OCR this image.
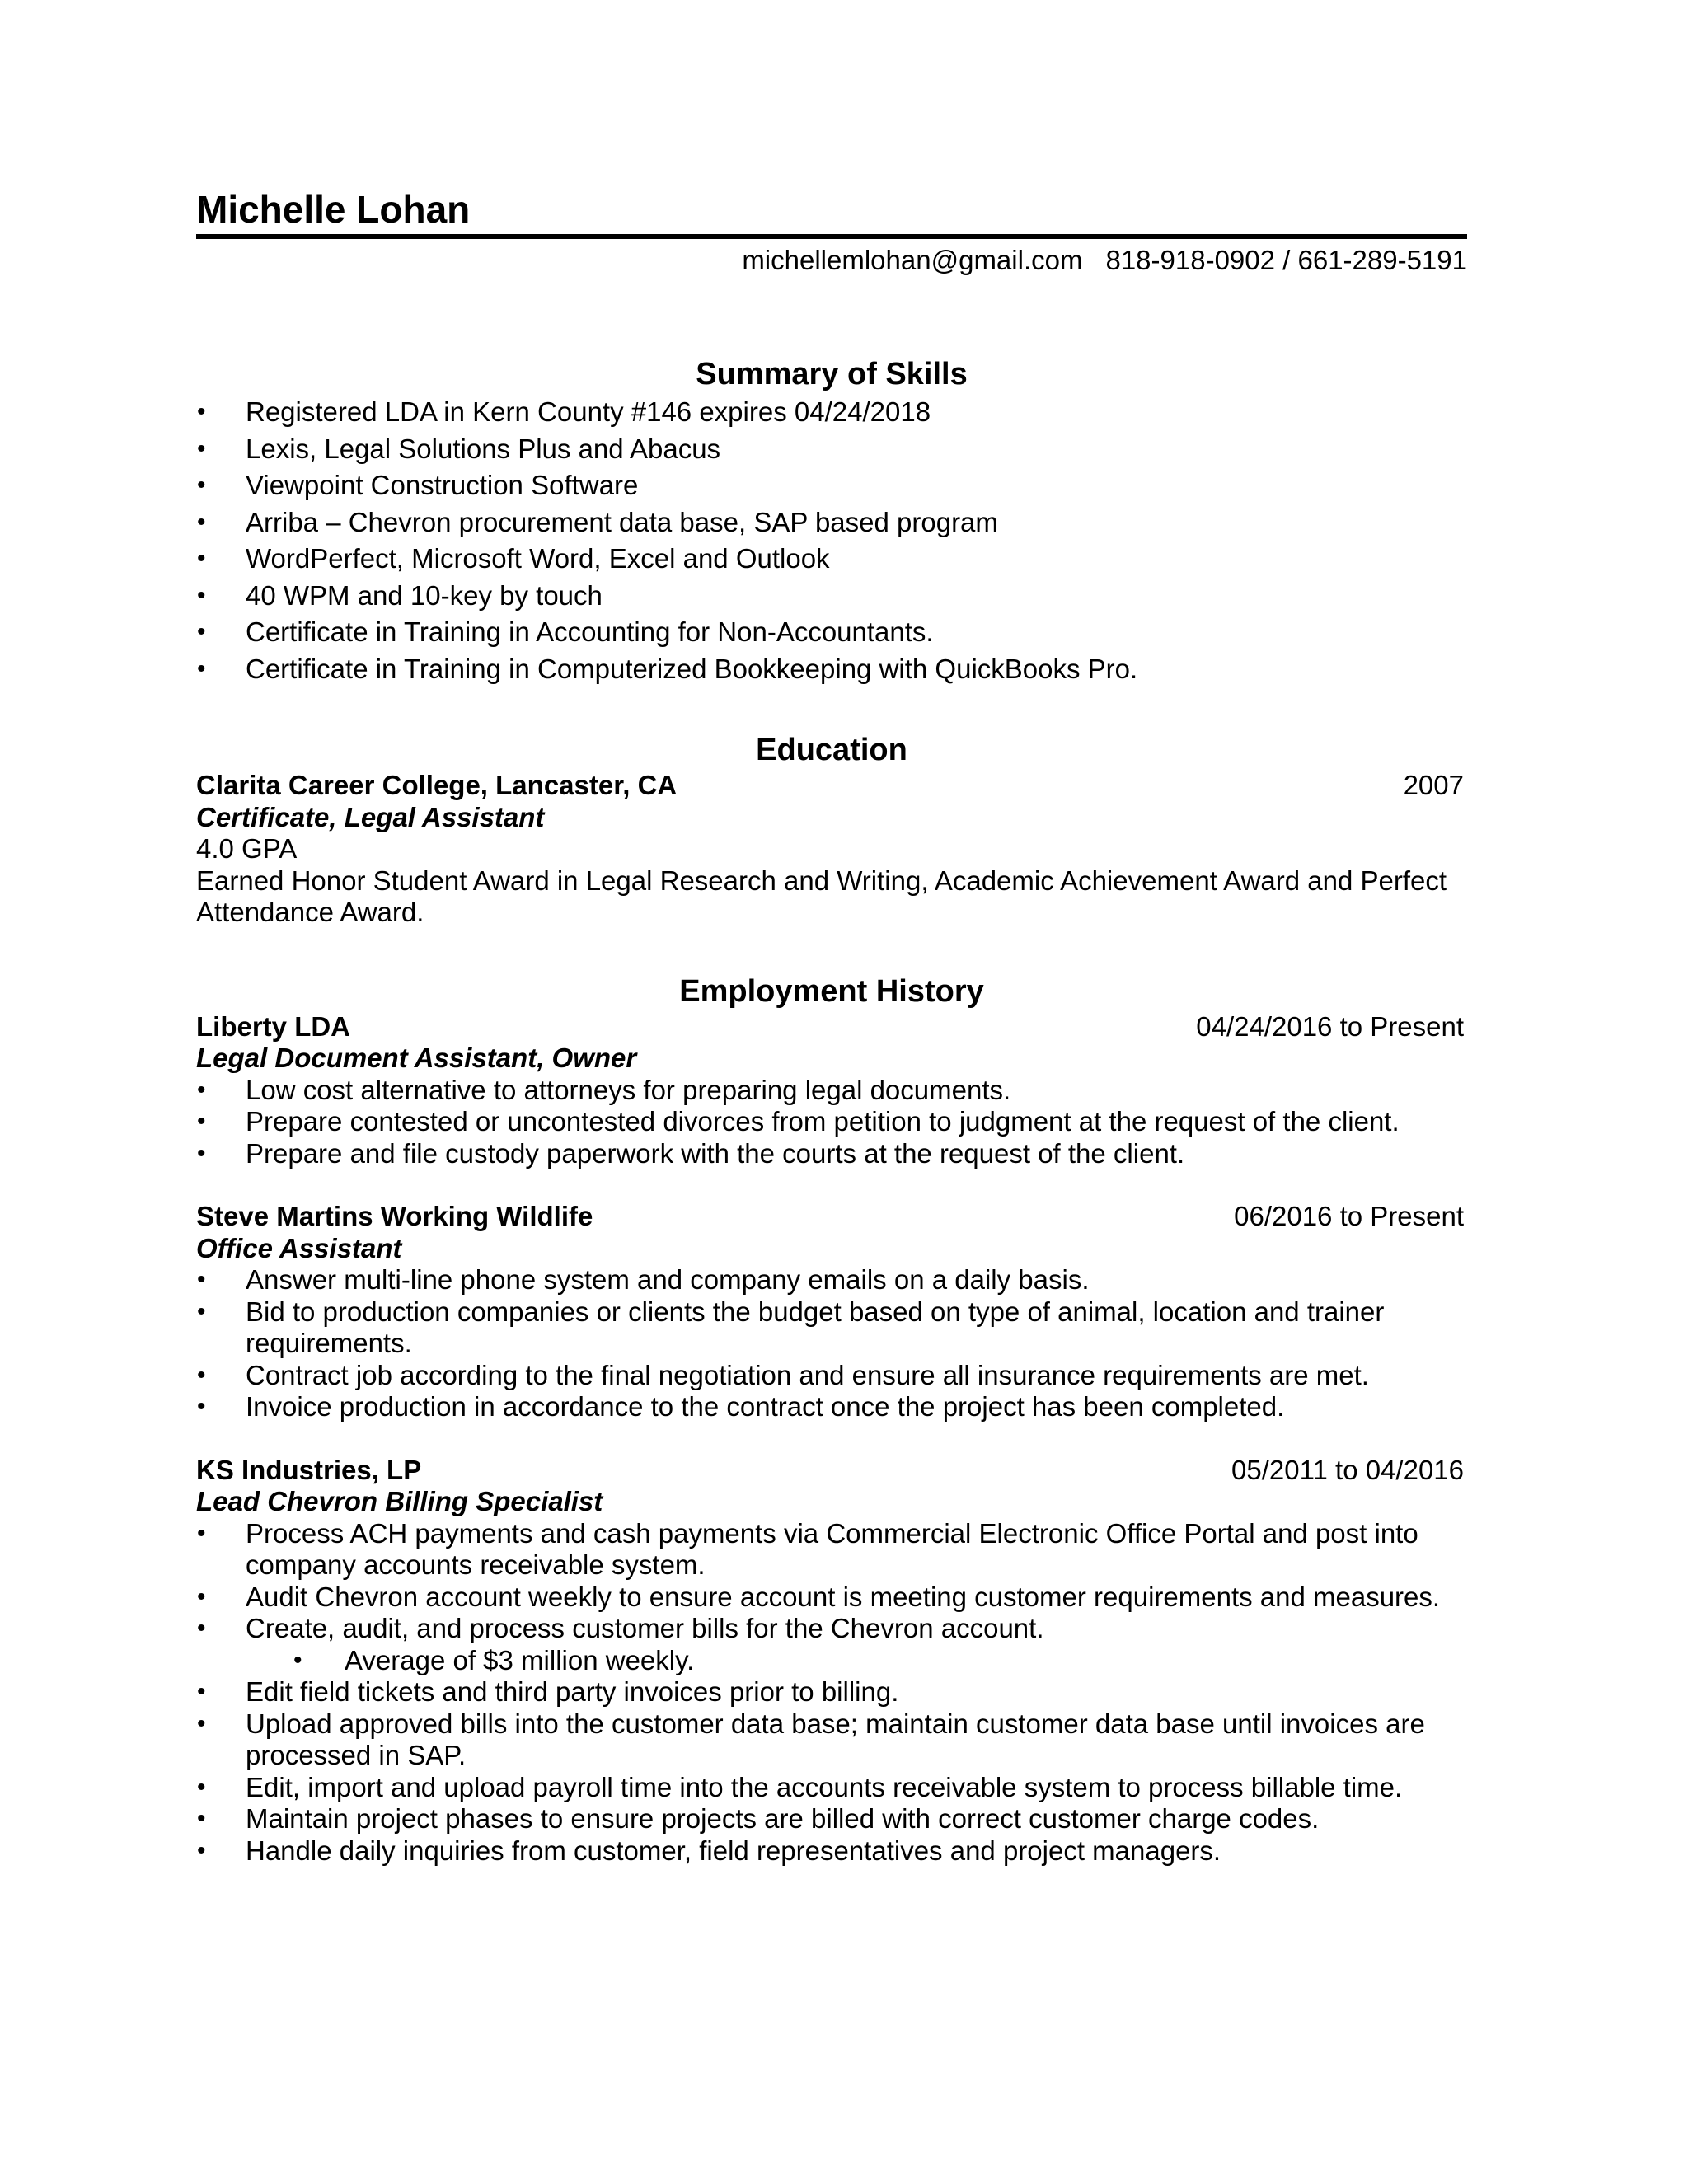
Michelle Lohan
michellemlohan@gmail.com 818-918-0902 / 661-289-5191
Summary of Skills
•	Registered LDA in Kern County #146 expires 04/24/2018
•	Lexis, Legal Solutions Plus and Abacus
•	Viewpoint Construction Software
•	Arriba – Chevron procurement data base, SAP based program
•	WordPerfect, Microsoft Word, Excel and Outlook
•	40 WPM and 10-key by touch
•	Certificate in Training in Accounting for Non-Accountants.
•	Certificate in Training in Computerized Bookkeeping with QuickBooks Pro.
Education
Clarita Career College, Lancaster, CA	2007
Certificate, Legal Assistant
4.0 GPA
Earned Honor Student Award in Legal Research and Writing, Academic Achievement Award and Perfect Attendance Award.
Employment History
Liberty LDA	04/24/2016 to Present
Legal Document Assistant, Owner
•	Low cost alternative to attorneys for preparing legal documents.
•	Prepare contested or uncontested divorces from petition to judgment at the request of the client.
•	Prepare and file custody paperwork with the courts at the request of the client.
Steve Martins Working Wildlife	06/2016 to Present
Office Assistant
•	Answer multi-line phone system and company emails on a daily basis.
•	Bid to production companies or clients the budget based on type of animal, location and trainer requirements.
•	Contract job according to the final negotiation and ensure all insurance requirements are met.
•	Invoice production in accordance to the contract once the project has been completed.
KS Industries, LP	05/2011 to 04/2016
Lead Chevron Billing Specialist
•	Process ACH payments and cash payments via Commercial Electronic Office Portal and post into company accounts receivable system.
•	Audit Chevron account weekly to ensure account is meeting customer requirements and measures.
•	Create, audit, and process customer bills for the Chevron account.
•	Average of $3 million weekly.
•	Edit field tickets and third party invoices prior to billing.
•	Upload approved bills into the customer data base; maintain customer data base until invoices are processed in SAP.
•	Edit, import and upload payroll time into the accounts receivable system to process billable time.
•	Maintain project phases to ensure projects are billed with correct customer charge codes.
•	Handle daily inquiries from customer, field representatives and project managers.
